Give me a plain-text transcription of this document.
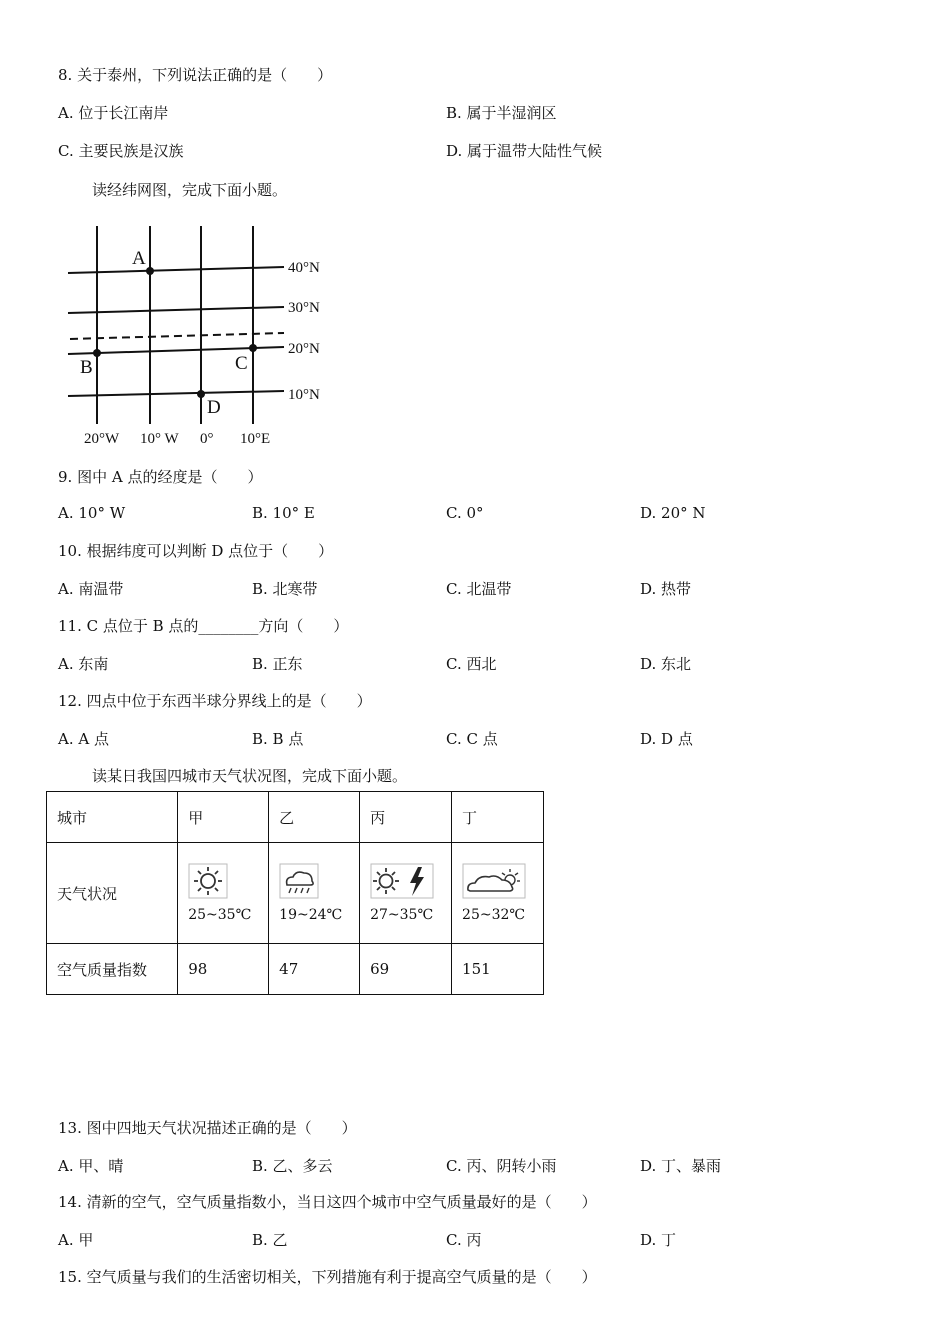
8. 关于泰州，下列说法正确的是（　　）
A. 位于长江南岸	B. 属于半湿润区
C. 主要民族是汉族	D. 属于温带大陆性气候
读经纬网图，完成下面小题。
A
B	C
D
40°N
30°N
20°N
10°N
20°W 10° W 0° 10°E
9. 图中 A 点的经度是（　　）
A. 10° W	B. 10° E	C. 0°	D. 20° N
10. 根据纬度可以判断 D 点位于（　　）
A. 南温带	B. 北寒带	C. 北温带	D. 热带
11. C 点位于 B 点的________方向（　　）
A. 东南	B. 正东	C. 西北	D. 东北
12. 四点中位于东西半球分界线上的是（　　）
A. A 点	B. B 点	C. C 点	D. D 点
读某日我国四城市天气状况图，完成下面小题。
城市	甲	乙	丙	丁
天气状况	25~35℃	19~24℃	27~35℃	25~32℃

空气质量指数	98	47	69	151
13. 图中四地天气状况描述正确的是（　　）
A. 甲、晴	B. 乙、多云	C. 丙、阴转小雨	D. 丁、暴雨
14. 清新的空气，空气质量指数小，当日这四个城市中空气质量最好的是（　　）
A. 甲	B. 乙	C. 丙	D. 丁
15. 空气质量与我们的生活密切相关，下列措施有利于提高空气质量的是（　　）
